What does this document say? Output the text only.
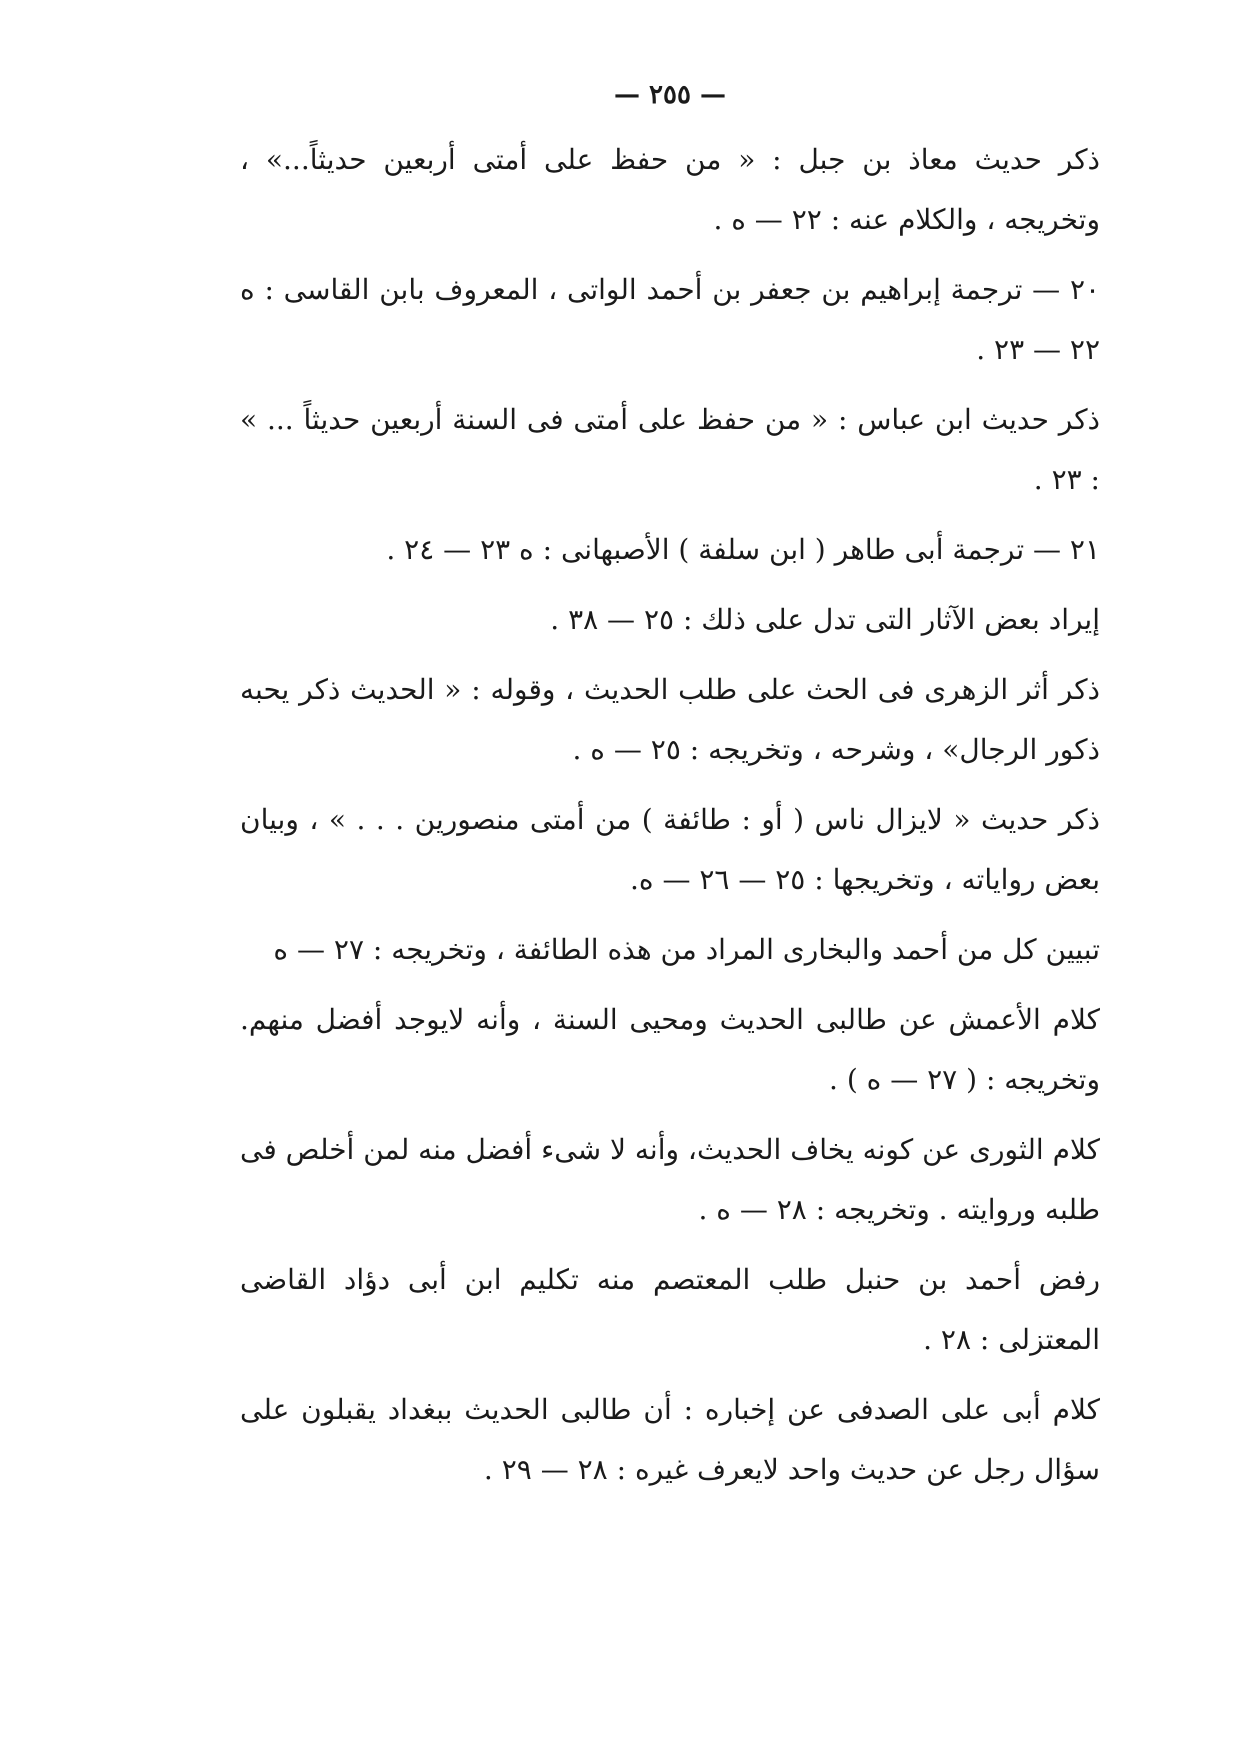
— ٢٥٥ —

ذكر حديث معاذ بن جبل : « من حفظ على أمتى أربعين حديثاً...» ، وتخريجه ، والكلام عنه : ٢٢ — ه .

٢٠ — ترجمة إبراهيم بن جعفر بن أحمد الواتى ، المعروف بابن القاسى : ه ٢٢ — ٢٣ .

ذكر حديث ابن عباس : « من حفظ على أمتى فى السنة أربعين حديثاً ... » : ٢٣ .

٢١ — ترجمة أبى طاهر ( ابن سلفة ) الأصبهانى : ه ٢٣ — ٢٤ .

إيراد بعض الآثار التى تدل على ذلك : ٢٥ — ٣٨ .

ذكر أثر الزهرى فى الحث على طلب الحديث ، وقوله : « الحديث ذكر يحبه ذكور الرجال» ، وشرحه ، وتخريجه : ٢٥ — ه .

ذكر حديث « لايزال ناس ( أو : طائفة ) من أمتى منصورين . . . » ، وبيان بعض رواياته ، وتخريجها : ٢٥ — ٢٦ — ه.

تبيين كل من أحمد والبخارى المراد من هذه الطائفة ، وتخريجه : ٢٧ — ه

كلام الأعمش عن طالبى الحديث ومحيى السنة ، وأنه لايوجد أفضل منهم. وتخريجه : ( ٢٧ — ه ) .

كلام الثورى عن كونه يخاف الحديث، وأنه لا شىء أفضل منه لمن أخلص فى طلبه وروايته . وتخريجه : ٢٨ — ه .

رفض أحمد بن حنبل طلب المعتصم منه تكليم ابن أبى دؤاد القاضى المعتزلى : ٢٨ .

كلام أبى على الصدفى عن إخباره : أن طالبى الحديث ببغداد يقبلون على سؤال رجل عن حديث واحد لايعرف غيره : ٢٨ — ٢٩ .
